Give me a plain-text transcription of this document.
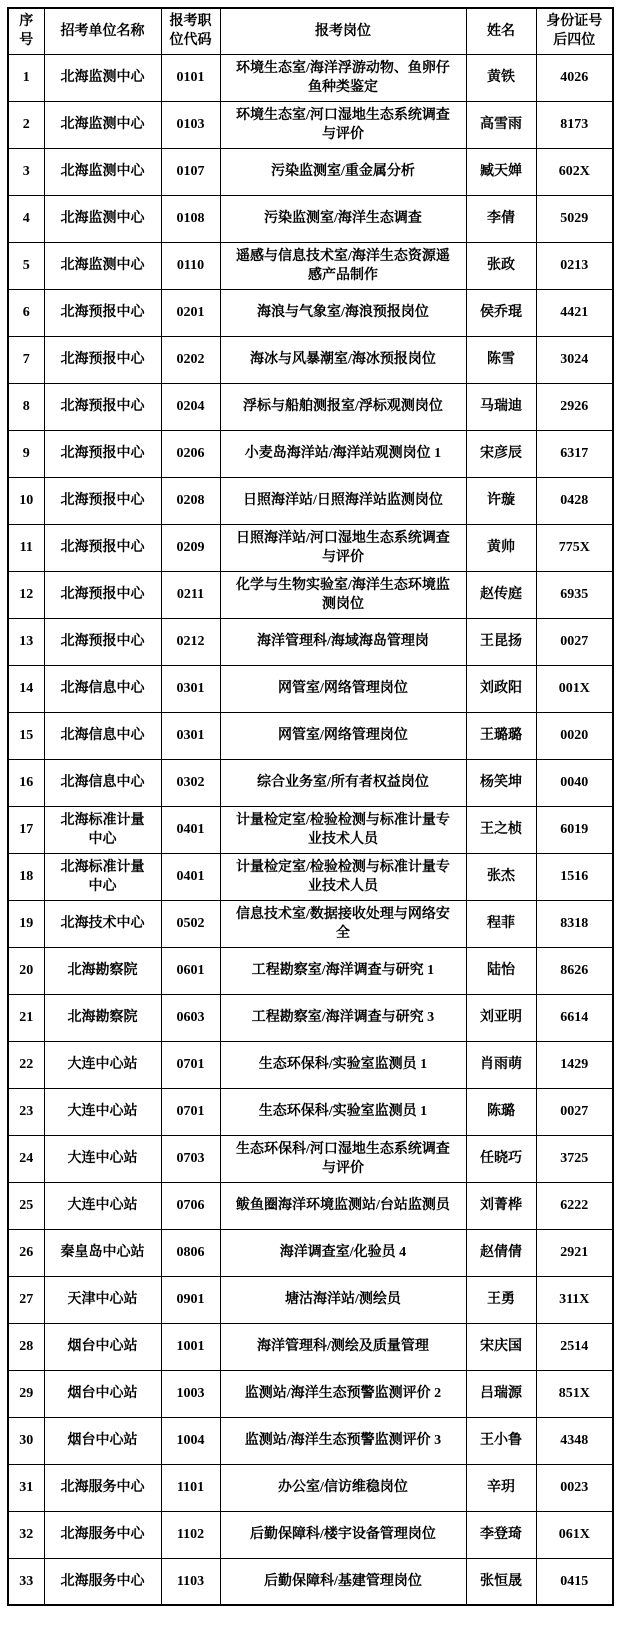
序号	招考单位名称	报考职位代码	报考岗位	姓名	身份证号后四位
1	北海监测中心	0101	环境生态室/海洋浮游动物、鱼卵仔鱼种类鉴定	黄铁	4026
2	北海监测中心	0103	环境生态室/河口湿地生态系统调查与评价	高雪雨	8173
3	北海监测中心	0107	污染监测室/重金属分析	臧天婵	602X
4	北海监测中心	0108	污染监测室/海洋生态调查	李倩	5029
5	北海监测中心	0110	遥感与信息技术室/海洋生态资源遥感产品制作	张政	0213
6	北海预报中心	0201	海浪与气象室/海浪预报岗位	侯乔琨	4421
7	北海预报中心	0202	海冰与风暴潮室/海冰预报岗位	陈雪	3024
8	北海预报中心	0204	浮标与船舶测报室/浮标观测岗位	马瑞迪	2926
9	北海预报中心	0206	小麦岛海洋站/海洋站观测岗位 1	宋彦辰	6317
10	北海预报中心	0208	日照海洋站/日照海洋站监测岗位	许璇	0428
11	北海预报中心	0209	日照海洋站/河口湿地生态系统调查与评价	黄帅	775X
12	北海预报中心	0211	化学与生物实验室/海洋生态环境监测岗位	赵传庭	6935
13	北海预报中心	0212	海洋管理科/海域海岛管理岗	王昆扬	0027
14	北海信息中心	0301	网管室/网络管理岗位	刘政阳	001X
15	北海信息中心	0301	网管室/网络管理岗位	王璐璐	0020
16	北海信息中心	0302	综合业务室/所有者权益岗位	杨笑坤	0040
17	北海标准计量中心	0401	计量检定室/检验检测与标准计量专业技术人员	王之桢	6019
18	北海标准计量中心	0401	计量检定室/检验检测与标准计量专业技术人员	张杰	1516
19	北海技术中心	0502	信息技术室/数据接收处理与网络安全	程菲	8318
20	北海勘察院	0601	工程勘察室/海洋调查与研究 1	陆怡	8626
21	北海勘察院	0603	工程勘察室/海洋调查与研究 3	刘亚明	6614
22	大连中心站	0701	生态环保科/实验室监测员 1	肖雨萌	1429
23	大连中心站	0701	生态环保科/实验室监测员 1	陈璐	0027
24	大连中心站	0703	生态环保科/河口湿地生态系统调查与评价	任晓巧	3725
25	大连中心站	0706	鲅鱼圈海洋环境监测站/台站监测员	刘菁桦	6222
26	秦皇岛中心站	0806	海洋调查室/化验员 4	赵倩倩	2921
27	天津中心站	0901	塘沽海洋站/测绘员	王勇	311X
28	烟台中心站	1001	海洋管理科/测绘及质量管理	宋庆国	2514
29	烟台中心站	1003	监测站/海洋生态预警监测评价 2	吕瑞源	851X
30	烟台中心站	1004	监测站/海洋生态预警监测评价 3	王小鲁	4348
31	北海服务中心	1101	办公室/信访维稳岗位	辛玥	0023
32	北海服务中心	1102	后勤保障科/楼宇设备管理岗位	李登琦	061X
33	北海服务中心	1103	后勤保障科/基建管理岗位	张恒晟	0415
